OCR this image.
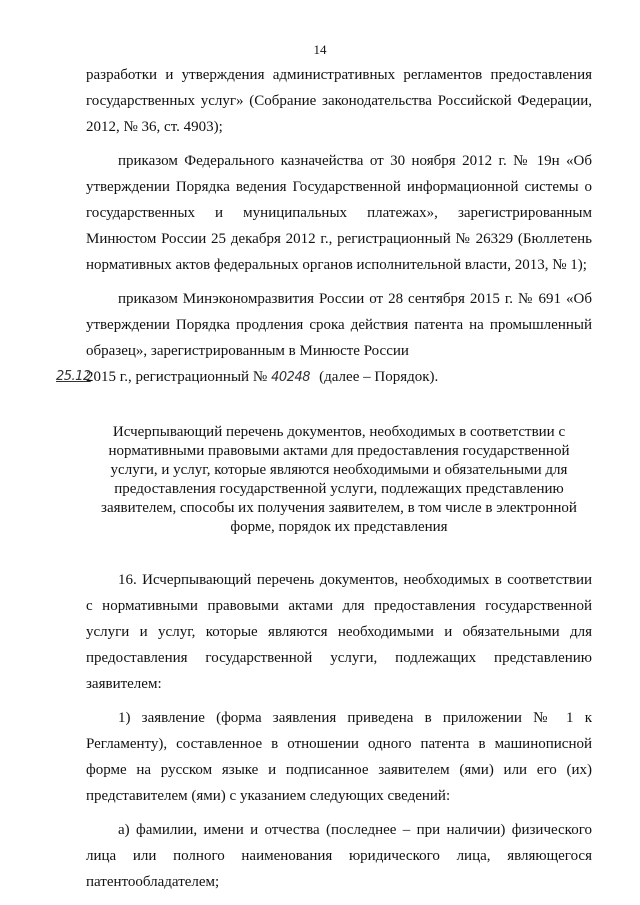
14

разработки и утверждения административных регламентов предоставления государственных услуг» (Собрание законодательства Российской Федерации, 2012, № 36, ст. 4903);

приказом Федерального казначейства от 30 ноября 2012 г. № 19н «Об утверждении Порядка ведения Государственной информационной системы о государственных и муниципальных платежах», зарегистрированным Минюстом России 25 декабря 2012 г., регистрационный № 26329 (Бюллетень нормативных актов федеральных органов исполнительной власти, 2013, № 1);

приказом Минэкономразвития России от 28 сентября 2015 г. № 691 «Об утверждении Порядка продления срока действия патента на промышленный образец», зарегистрированным в Минюсте России

25.12
2015 г., регистрационный № 40248 (далее – Порядок).

Исчерпывающий перечень документов, необходимых в соответствии с нормативными правовыми актами для предоставления государственной услуги, и услуг, которые являются необходимыми и обязательными для предоставления государственной услуги, подлежащих представлению заявителем, способы их получения заявителем, в том числе в электронной форме, порядок их представления

16. Исчерпывающий перечень документов, необходимых в соответствии с нормативными правовыми актами для предоставления государственной услуги и услуг, которые являются необходимыми и обязательными для предоставления государственной услуги, подлежащих представлению заявителем:

1) заявление (форма заявления приведена в приложении № 1 к Регламенту), составленное в отношении одного патента в машинописной форме на русском языке и подписанное заявителем (ями) или его (их) представителем (ями) с указанием следующих сведений:

а) фамилии, имени и отчества (последнее – при наличии) физического лица или полного наименования юридического лица, являющегося патентообладателем;
